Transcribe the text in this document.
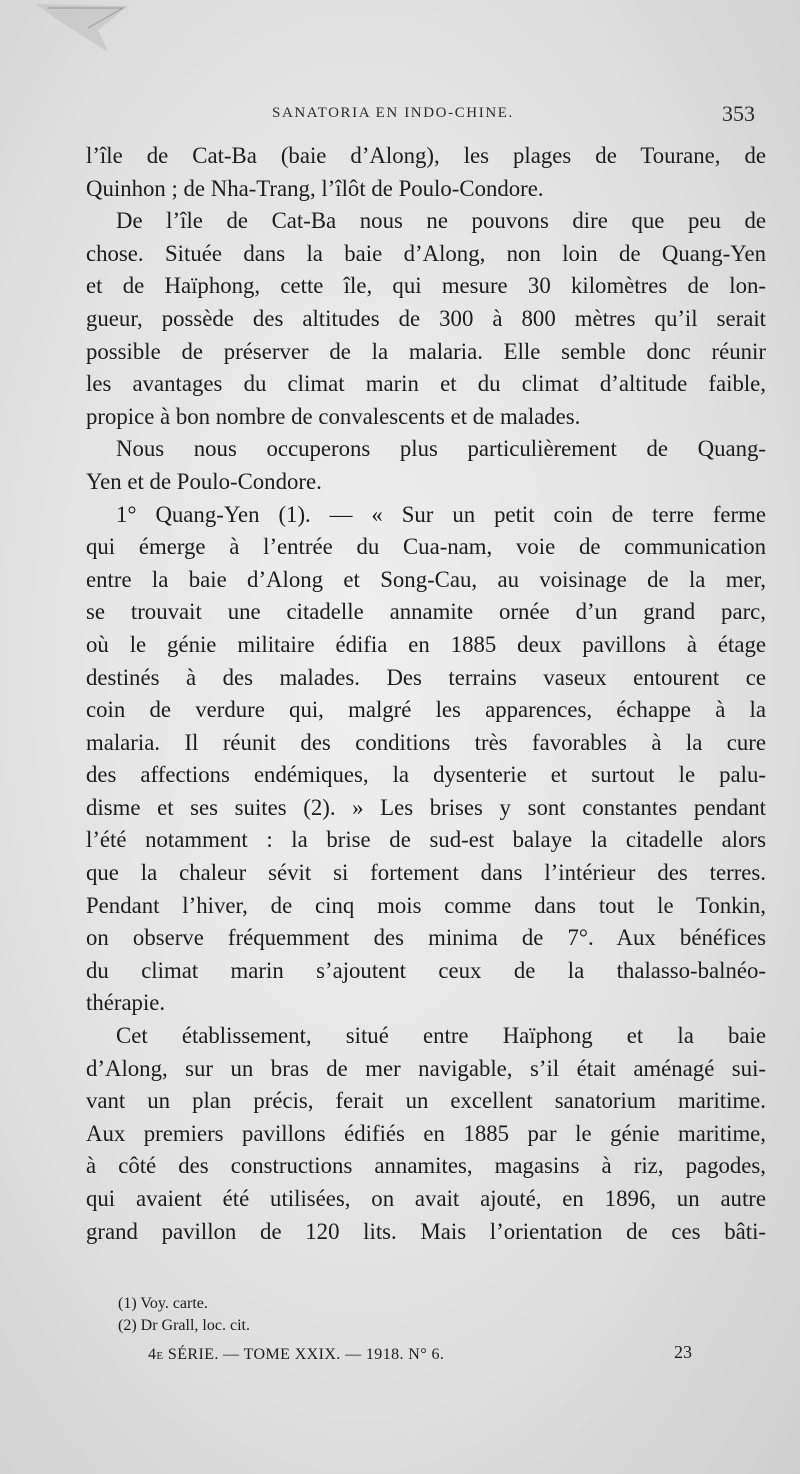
SANATORIA EN INDO-CHINE.	353
l’île de Cat-Ba (baie d’Along), les plages de Tourane, de
Quinhon ; de Nha-Trang, l’îlôt de Poulo-Condore.
De l’île de Cat-Ba nous ne pouvons dire que peu de
chose. Située dans la baie d’Along, non loin de Quang-Yen
et de Haïphong, cette île, qui mesure 30 kilomètres de lon-
gueur, possède des altitudes de 300 à 800 mètres qu’il serait
possible de préserver de la malaria. Elle semble donc réunir
les avantages du climat marin et du climat d’altitude faible,
propice à bon nombre de convalescents et de malades.
Nous nous occuperons plus particulièrement de Quang-
Yen et de Poulo-Condore.
1° Quang-Yen (1). — « Sur un petit coin de terre ferme
qui émerge à l’entrée du Cua-nam, voie de communication
entre la baie d’Along et Song-Cau, au voisinage de la mer,
se trouvait une citadelle annamite ornée d’un grand parc,
où le génie militaire édifia en 1885 deux pavillons à étage
destinés à des malades. Des terrains vaseux entourent ce
coin de verdure qui, malgré les apparences, échappe à la
malaria. Il réunit des conditions très favorables à la cure
des affections endémiques, la dysenterie et surtout le palu-
disme et ses suites (2). » Les brises y sont constantes pendant
l’été notamment : la brise de sud-est balaye la citadelle alors
que la chaleur sévit si fortement dans l’intérieur des terres.
Pendant l’hiver, de cinq mois comme dans tout le Tonkin,
on observe fréquemment des minima de 7°. Aux bénéfices
du climat marin s’ajoutent ceux de la thalasso-balnéo-
thérapie.
Cet établissement, situé entre Haïphong et la baie
d’Along, sur un bras de mer navigable, s’il était aménagé sui-
vant un plan précis, ferait un excellent sanatorium maritime.
Aux premiers pavillons édifiés en 1885 par le génie maritime,
à côté des constructions annamites, magasins à riz, pagodes,
qui avaient été utilisées, on avait ajouté, en 1896, un autre
grand pavillon de 120 lits. Mais l’orientation de ces bâti-
(1) Voy. carte.
(2) Dr Grall, loc. cit.
4e SÉRIE. — TOME XXIX. — 1918. N° 6.	23
